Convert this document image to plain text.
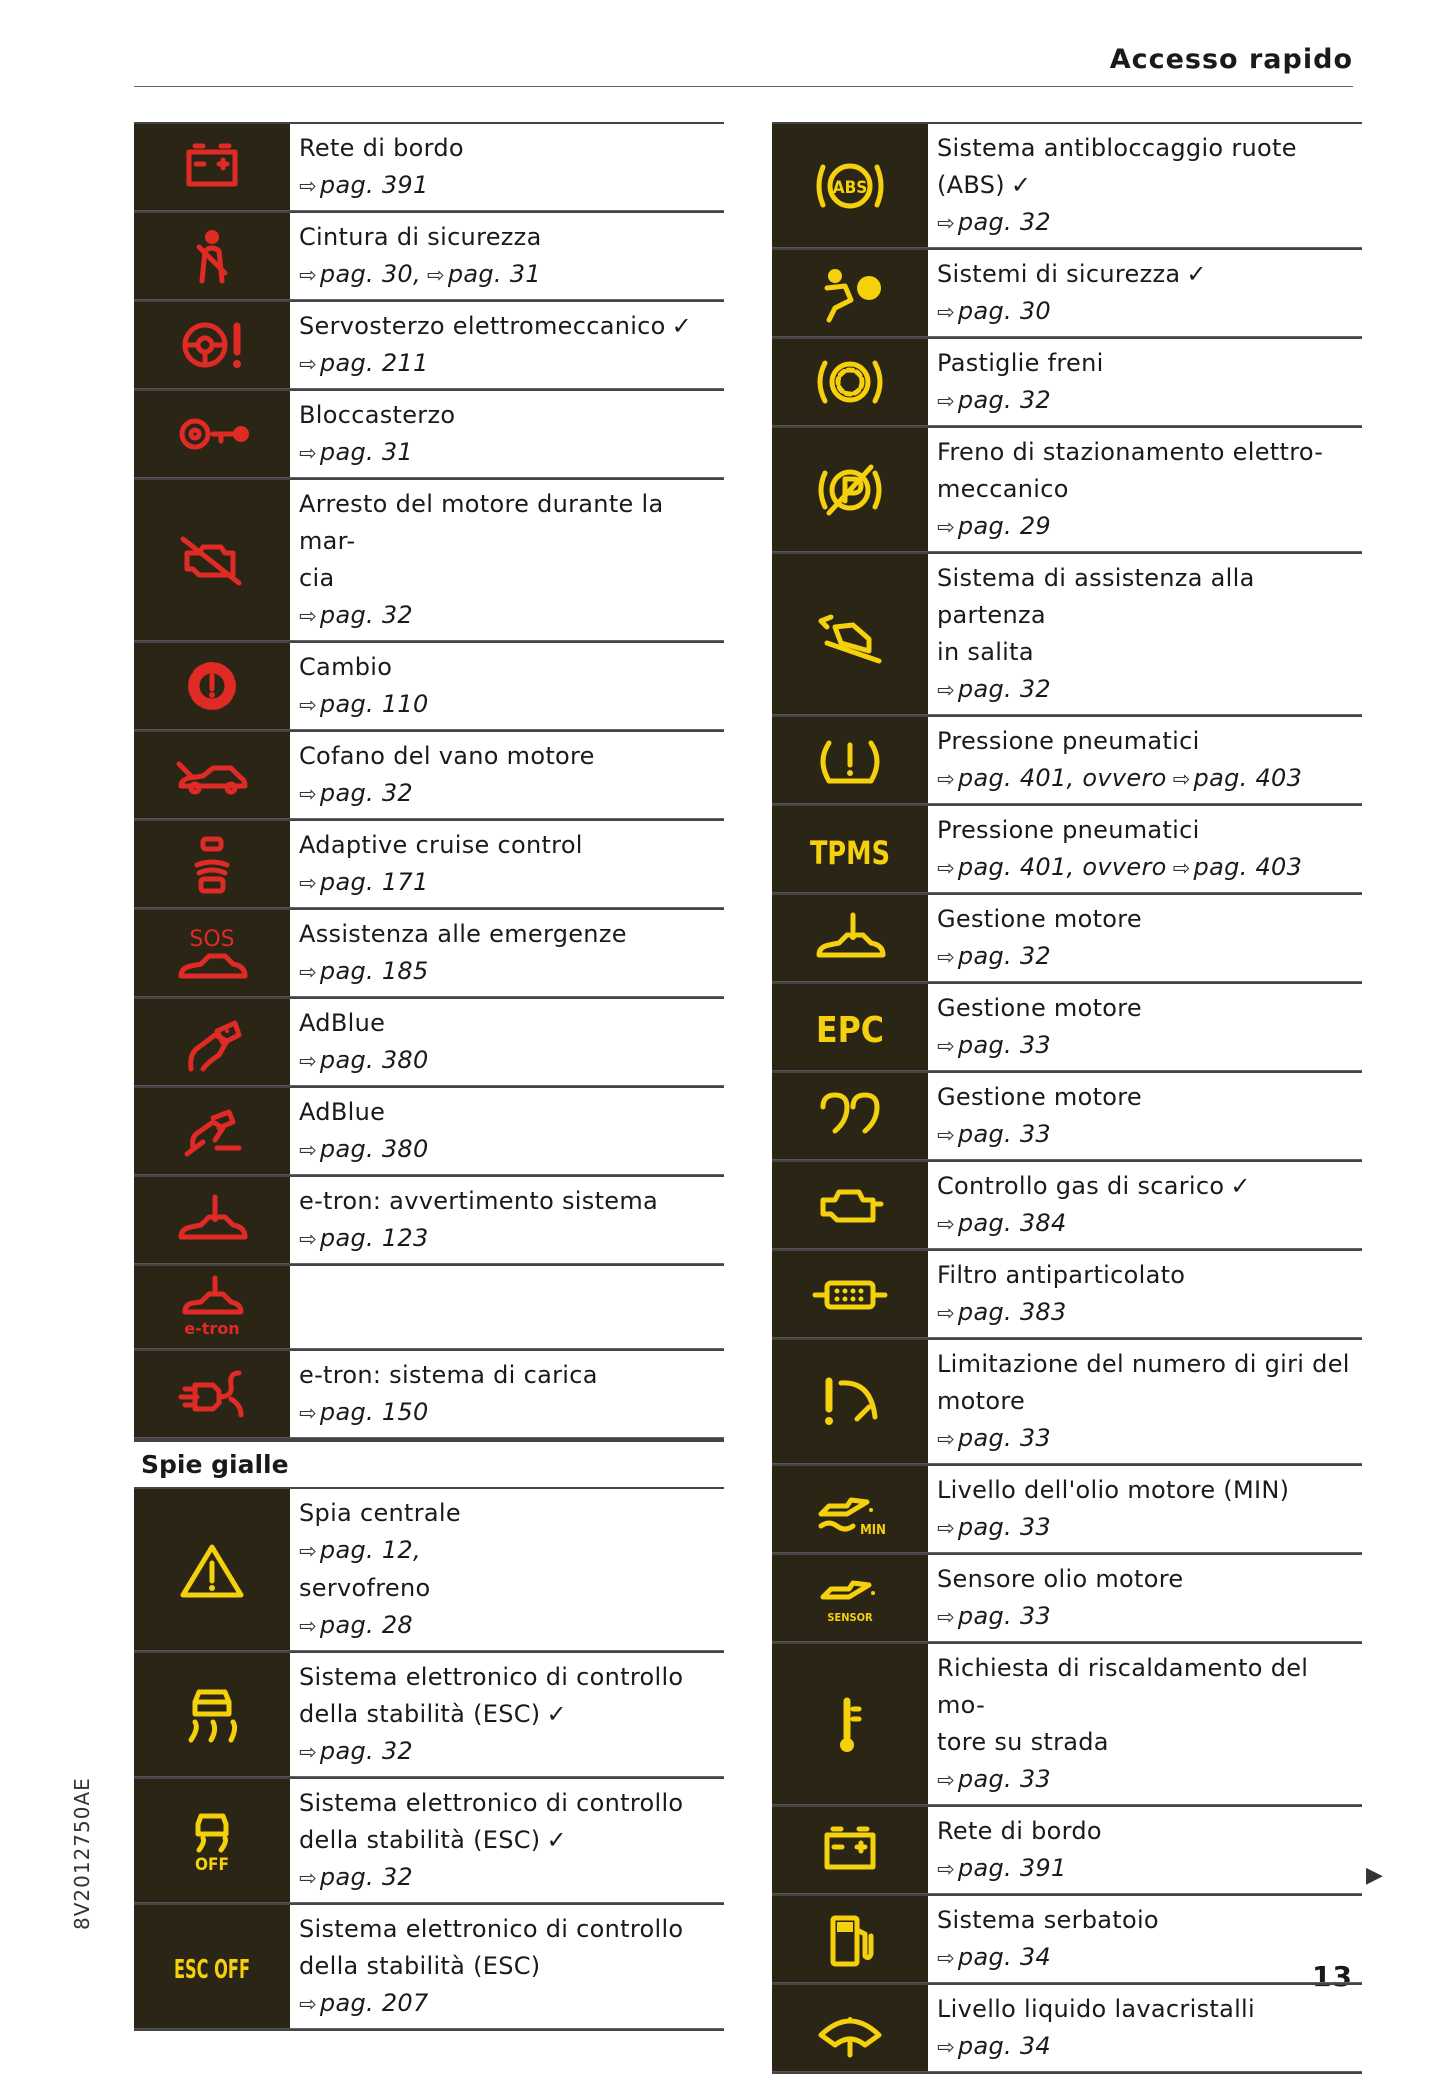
Accesso rapido
8V2012750AE
13
▶
Rete di bordo
⇨ pag. 391
Cintura di sicurezza
⇨ pag. 30, ⇨ pag. 31
Servosterzo elettromeccanico ✓
⇨ pag. 211
Bloccasterzo
⇨ pag. 31
Arresto del motore durante la mar-
cia
⇨ pag. 32
Cambio
⇨ pag. 110
Cofano del vano motore
⇨ pag. 32
Adaptive cruise control
⇨ pag. 171
SOS	Assistenza alle emergenze
⇨ pag. 185
AdBlue
⇨ pag. 380
AdBlue
⇨ pag. 380
e-tron: avvertimento sistema
⇨ pag. 123
e-tron
e-tron: sistema di carica
⇨ pag. 150
Spie gialle
Spia centrale
⇨ pag. 12,
servofreno
⇨ pag. 28
Sistema elettronico di controllo
della stabilità (ESC) ✓
⇨ pag. 32
OFF
Sistema elettronico di controllo
della stabilità (ESC) ✓
⇨ pag. 32
ESC OFF
Sistema elettronico di controllo
della stabilità (ESC)
⇨ pag. 207
ABS
Sistema antibloccaggio ruote
(ABS) ✓
⇨ pag. 32
Sistemi di sicurezza ✓
⇨ pag. 30
Pastiglie freni
⇨ pag. 32
Freno di stazionamento elettro-
meccanico
⇨ pag. 29
Sistema di assistenza alla partenza
in salita
⇨ pag. 32
Pressione pneumatici
⇨ pag. 401, ovvero ⇨ pag. 403
TPMS
Pressione pneumatici
⇨ pag. 401, ovvero ⇨ pag. 403
Gestione motore
⇨ pag. 32
EPC
Gestione motore
⇨ pag. 33
Gestione motore
⇨ pag. 33
Controllo gas di scarico ✓
⇨ pag. 384
Filtro antiparticolato
⇨ pag. 383
Limitazione del numero di giri del
motore
⇨ pag. 33
MIN
Livello dell'olio motore (MIN)
⇨ pag. 33
SENSOR
Sensore olio motore
⇨ pag. 33
Richiesta di riscaldamento del mo-
tore su strada
⇨ pag. 33
Rete di bordo
⇨ pag. 391
Sistema serbatoio
⇨ pag. 34
Livello liquido lavacristalli
⇨ pag. 34
